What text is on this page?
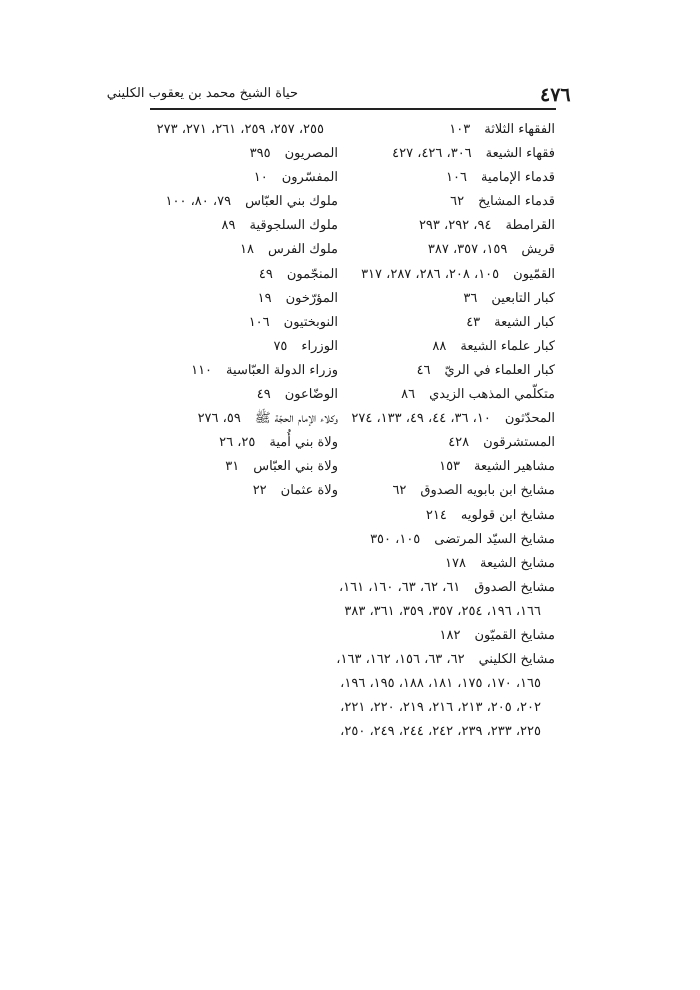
٤٧٦
حياة الشيخ محمد بن يعقوب الكليني
الفقهاء الثلاثة١٠٣
فقهاء الشيعة٣٠٦، ٤٢٦، ٤٢٧
قدماء الإمامية١٠٦
قدماء المشايخ٦٢
القرامطة٩٤، ٢٩٢، ٢٩٣
قريش١٥٩، ٣٥٧، ٣٨٧
القمّيون١٠٥، ٢٠٨، ٢٨٦، ٢٨٧، ٣١٧
كبار التابعين٣٦
كبار الشيعة٤٣
كبار علماء الشيعة٨٨
كبار العلماء في الريّ٤٦
متكلّمي المذهب الزيدي٨٦
المحدّثون١٠، ٣٦، ٤٤، ٤٩، ١٣٣، ٢٧٤
المستشرقون٤٢٨
مشاهير الشيعة١٥٣
مشايخ ابن بابويه الصدوق٦٢
مشايخ ابن قولويه٢١٤
مشايخ السيّد المرتضى١٠٥، ٣٥٠
مشايخ الشيعة١٧٨
مشايخ الصدوق٦١، ٦٢، ٦٣، ١٦٠، ١٦١،
١٦٦، ١٩٦، ٢٥٤، ٣٥٧، ٣٥٩، ٣٦١، ٣٨٣
مشايخ القميّون١٨٢
مشايخ الكليني٦٢، ٦٣، ١٥٦، ١٦٢، ١٦٣،
١٦٥، ١٧٠، ١٧٥، ١٨١، ١٨٨، ١٩٥، ١٩٦،
٢٠٢، ٢٠٥، ٢١٣، ٢١٦، ٢١٩، ٢٢٠، ٢٢١،
٢٢٥، ٢٣٣، ٢٣٩، ٢٤٢، ٢٤٤، ٢٤٩، ٢٥٠،
٢٥٥، ٢٥٧، ٢٥٩، ٢٦١، ٢٧١، ٢٧٣
المصريون٣٩٥
المفسّرون١٠
ملوك بني العبّاس٧٩، ٨٠، ١٠٠
ملوك السلجوقية٨٩
ملوك الفرس١٨
المنجّمون٤٩
المؤرّخون١٩
النوبختيون١٠٦
الوزراء٧٥
وزراء الدولة العبّاسية١١٠
الوضّاعون٤٩
وكلاء الإمام الحجّة ﷺ٥٩، ٢٧٦
ولاة بني أُمية٢٥، ٢٦
ولاة بني العبّاس٣١
ولاة عثمان٢٢
